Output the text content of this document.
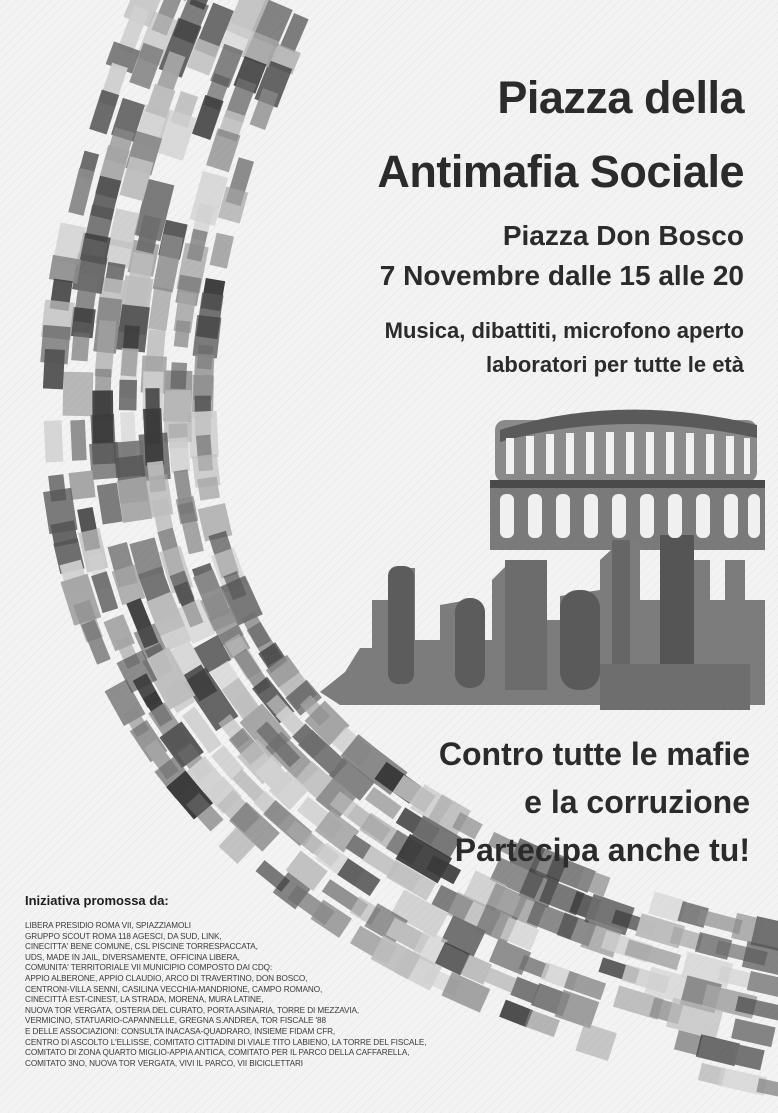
Piazza della
Antimafia Sociale

Piazza Don Bosco

7 Novembre dalle 15 alle 20

Musica, dibattiti, microfono aperto

laboratori per tutte le età

Contro tutte le mafie

e la corruzione

Partecipa anche tu!

Iniziativa promossa da:

LIBERA PRESIDIO ROMA VII, SPIAZZIAMOLI
GRUPPO SCOUT ROMA 118 AGESCI, DA SUD, LINK,
CINECITTA' BENE COMUNE, CSL PISCINE TORRESPACCATA,
UDS, MADE IN JAIL, DIVERSAMENTE, OFFICINA LIBERA,
COMUNITA' TERRITORIALE VII MUNICIPIO COMPOSTO DAI CDQ:
APPIO ALBERONE, APPIO CLAUDIO, ARCO DI TRAVERTINO, DON BOSCO,
CENTRONI-VILLA SENNI, CASILINA VECCHIA-MANDRIONE, CAMPO ROMANO,
CINECITTÀ EST-CINEST, LA STRADA, MORENA, MURA LATINE,
NUOVA TOR VERGATA, OSTERIA DEL CURATO, PORTA ASINARIA, TORRE DI MEZZAVIA,
VERMICINO, STATUARIO-CAPANNELLE, GREGNA S.ANDREA, TOR FISCALE '88
E DELLE ASSOCIAZIONI: CONSULTA INACASA-QUADRARO, INSIEME FIDAM CFR,
CENTRO DI ASCOLTO L'ELLISSE, COMITATO CITTADINI DI VIALE TITO LABIENO, LA TORRE DEL FISCALE,
COMITATO DI ZONA QUARTO MIGLIO-APPIA ANTICA, COMITATO PER IL PARCO DELLA CAFFARELLA,
COMITATO 3NO, NUOVA TOR VERGATA, VIVI IL PARCO, VII BICICLETTARI
